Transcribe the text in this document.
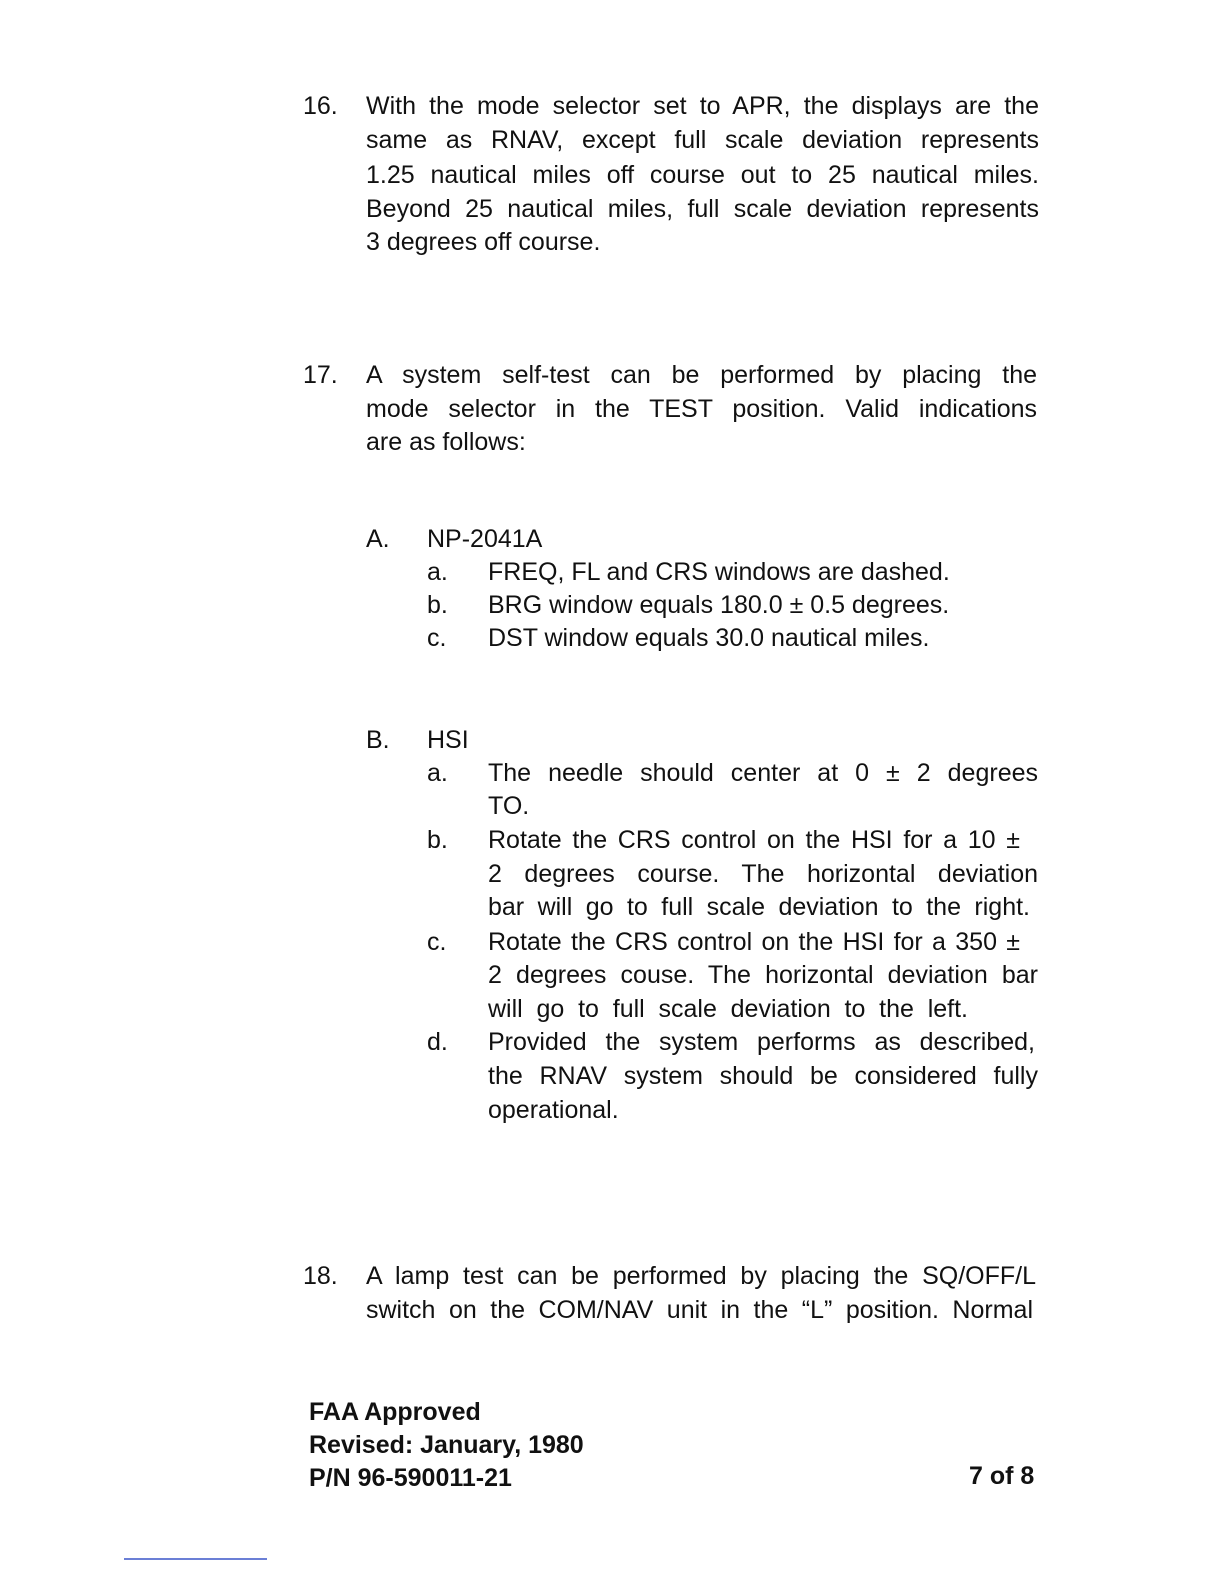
16. With the mode selector set to APR, the displays are the
same as RNAV, except full scale deviation represents
1.25 nautical miles off course out to 25 nautical miles.
Beyond 25 nautical miles, full scale deviation represents
3 degrees off course.
17. A system self-test can be performed by placing the
mode selector in the TEST position. Valid indications
are as follows:
A. NP-2041A
a. FREQ, FL and CRS windows are dashed.
b. BRG window equals 180.0 ± 0.5 degrees.
c. DST window equals 30.0 nautical miles.
B. HSI
a. The needle should center at 0 ± 2 degrees
TO.
b. Rotate the CRS control on the HSI for a 10 ±
2 degrees course. The horizontal deviation
bar will go to full scale deviation to the right.
c. Rotate the CRS control on the HSI for a 350 ±
2 degrees couse. The horizontal deviation bar
will go to full scale deviation to the left.
d. Provided the system performs as described,
the RNAV system should be considered fully
operational.
18. A lamp test can be performed by placing the SQ/OFF/L
switch on the COM/NAV unit in the “L” position. Normal
FAA Approved
Revised: January, 1980
P/N 96-590011-21	7 of 8
